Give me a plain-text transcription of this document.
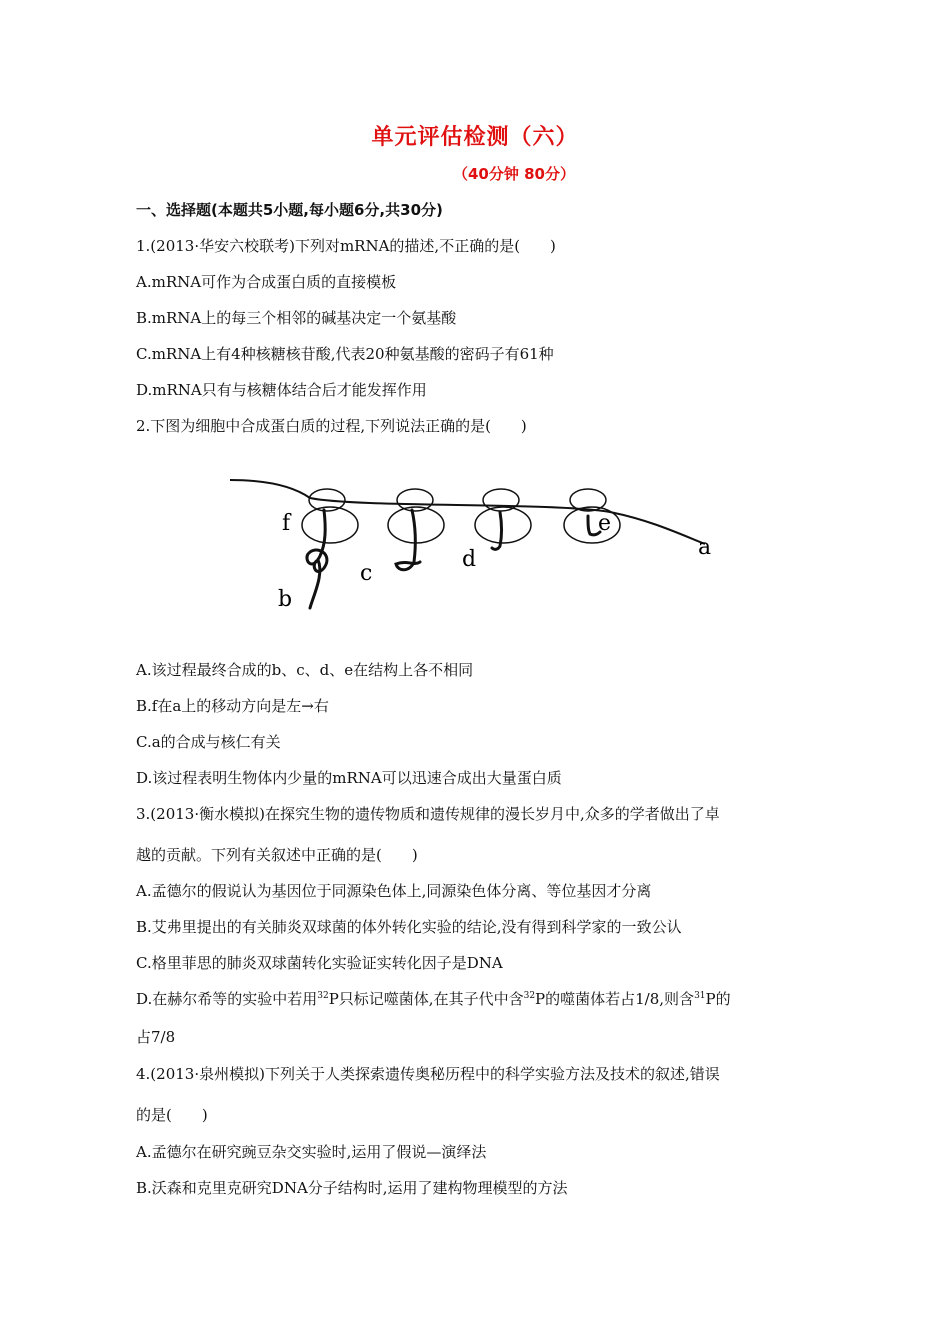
单元评估检测（六）
（40分钟 80分）
一、选择题(本题共5小题,每小题6分,共30分)
1.(2013·华安六校联考)下列对mRNA的描述,不正确的是(　　)
A.mRNA可作为合成蛋白质的直接模板
B.mRNA上的每三个相邻的碱基决定一个氨基酸
C.mRNA上有4种核糖核苷酸,代表20种氨基酸的密码子有61种
D.mRNA只有与核糖体结合后才能发挥作用
2.下图为细胞中合成蛋白质的过程,下列说法正确的是(　　)
f
b
c
d
e
a
A.该过程最终合成的b、c、d、e在结构上各不相同
B.f在a上的移动方向是左→右
C.a的合成与核仁有关
D.该过程表明生物体内少量的mRNA可以迅速合成出大量蛋白质
3.(2013·衡水模拟)在探究生物的遗传物质和遗传规律的漫长岁月中,众多的学者做出了卓
越的贡献。下列有关叙述中正确的是(　　)
A.孟德尔的假说认为基因位于同源染色体上,同源染色体分离、等位基因才分离
B.艾弗里提出的有关肺炎双球菌的体外转化实验的结论,没有得到科学家的一致公认
C.格里菲思的肺炎双球菌转化实验证实转化因子是DNA
D.在赫尔希等的实验中若用$^{32}$P只标记噬菌体,在其子代中含$^{32}$P的噬菌体若占1/8,则含$^{31}$P的
占7/8
4.(2013·泉州模拟)下列关于人类探索遗传奥秘历程中的科学实验方法及技术的叙述,错误
的是(　　)
A.孟德尔在研究豌豆杂交实验时,运用了假说—演绎法
B.沃森和克里克研究DNA分子结构时,运用了建构物理模型的方法
